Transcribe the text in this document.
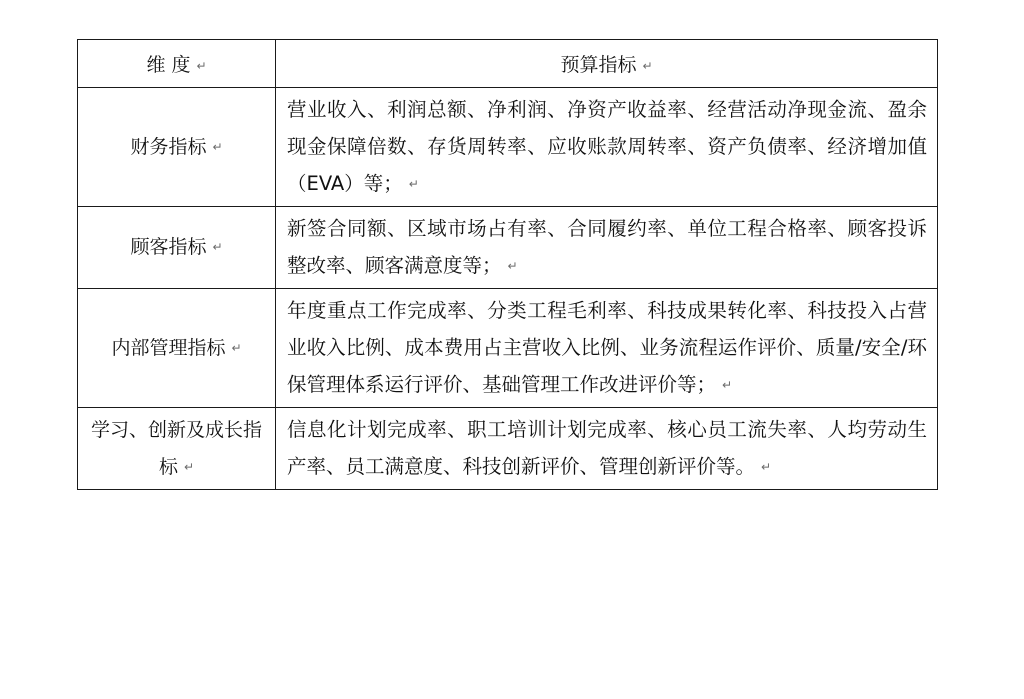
维 度 ↵	预算指标 ↵
财务指标 ↵	营业收入、利润总额、净利润、净资产收益率、经营活动净现金流、盈余现金保障倍数、存货周转率、应收账款周转率、资产负债率、经济增加值（EVA）等； ↵
顾客指标 ↵	新签合同额、区域市场占有率、合同履约率、单位工程合格率、顾客投诉整改率、顾客满意度等； ↵
内部管理指标 ↵	年度重点工作完成率、分类工程毛利率、科技成果转化率、科技投入占营业收入比例、成本费用占主营收入比例、业务流程运作评价、质量/安全/环保管理体系运行评价、基础管理工作改进评价等； ↵
学习、创新及成长指标 ↵	信息化计划完成率、职工培训计划完成率、核心员工流失率、人均劳动生产率、员工满意度、科技创新评价、管理创新评价等。 ↵
